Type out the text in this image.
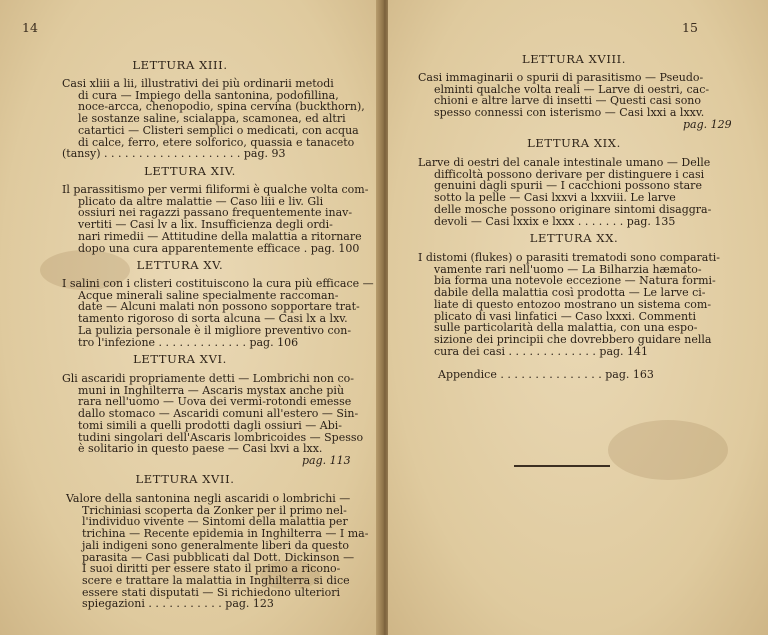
14
LETTURA XIII.
Casi xliii a lii, illustrativi dei più ordinarii metodi
di cura — Impiego della santonina, podofillina,
noce-arcca, chenopodio, spina cervina (buckthorn),
le sostanze saline, scialappa, scamonea, ed altri
catartici — Clisteri semplici o medicati, con acqua
di calce, ferro, etere solforico, quassia e tanaceto
(tansy) . . . . . . . . . . . . . . . . . . . . pag. 93
LETTURA XIV.
Il parassitismo per vermi filiformi è qualche volta com-
plicato da altre malattie — Caso liii e liv. Gli
ossiuri nei ragazzi passano frequentemente inav-
vertiti — Casi lv a lix. Insufficienza degli ordi-
nari rimedii — Attitudine della malattia a ritornare
dopo una cura apparentemente efficace . pag. 100
LETTURA XV.
I salini con i clisteri costituiscono la cura più efficace —
Acque minerali saline specialmente raccoman-
date — Alcuni malati non possono sopportare trat-
tamento rigoroso di sorta alcuna — Casi lx a lxv.
La pulizia personale è il migliore preventivo con-
tro l'infezione . . . . . . . . . . . . . pag. 106
LETTURA XVI.
Gli ascaridi propriamente detti — Lombrichi non co-
muni in Inghilterra — Ascaris mystax anche più
rara nell'uomo — Uova dei vermi-rotondi emesse
dallo stomaco — Ascaridi comuni all'estero — Sin-
tomi simili a quelli prodotti dagli ossiuri — Abi-
tudini singolari dell'Ascaris lombricoides — Spesso
è solitario in questo paese — Casi lxvi a lxx.
pag. 113
LETTURA XVII.
Valore della santonina negli ascaridi o lombrichi —
Trichiniasi scoperta da Zonker per il primo nel-
l'individuo vivente — Sintomi della malattia per
trichina — Recente epidemia in Inghilterra — I ma-
jali indigeni sono generalmente liberi da questo
parasita — Casi pubblicati dal Dott. Dickinson —
I suoi diritti per essere stato il primo a ricono-
scere e trattare la malattia in Inghilterra si dice
essere stati disputati — Si richiedono ulteriori
spiegazioni . . . . . . . . . . . pag. 123
15
LETTURA XVIII.
Casi immaginarii o spurii di parasitismo — Pseudo-
elminti qualche volta reali — Larve di oestri, cac-
chioni e altre larve di insetti — Questi casi sono
spesso connessi con isterismo — Casi lxxi a lxxv.
pag. 129
LETTURA XIX.
Larve di oestri del canale intestinale umano — Delle
difficoltà possono derivare per distinguere i casi
genuini dagli spurii — I cacchioni possono stare
sotto la pelle — Casi lxxvi a lxxviii. Le larve
delle mosche possono originare sintomi disaggra-
devoli — Casi lxxix e lxxx . . . . . . . pag. 135
LETTURA XX.
I distomi (flukes) o parasiti trematodi sono comparati-
vamente rari nell'uomo — La Bilharzia hæmato-
bia forma una notevole eccezione — Natura formi-
dabile della malattia così prodotta — Le larve ci-
liate di questo entozoo mostrano un sistema com-
plicato di vasi linfatici — Caso lxxxi. Commenti
sulle particolarità della malattia, con una espo-
sizione dei principii che dovrebbero guidare nella
cura dei casi . . . . . . . . . . . . . pag. 141
Appendice . . . . . . . . . . . . . . . pag. 163
